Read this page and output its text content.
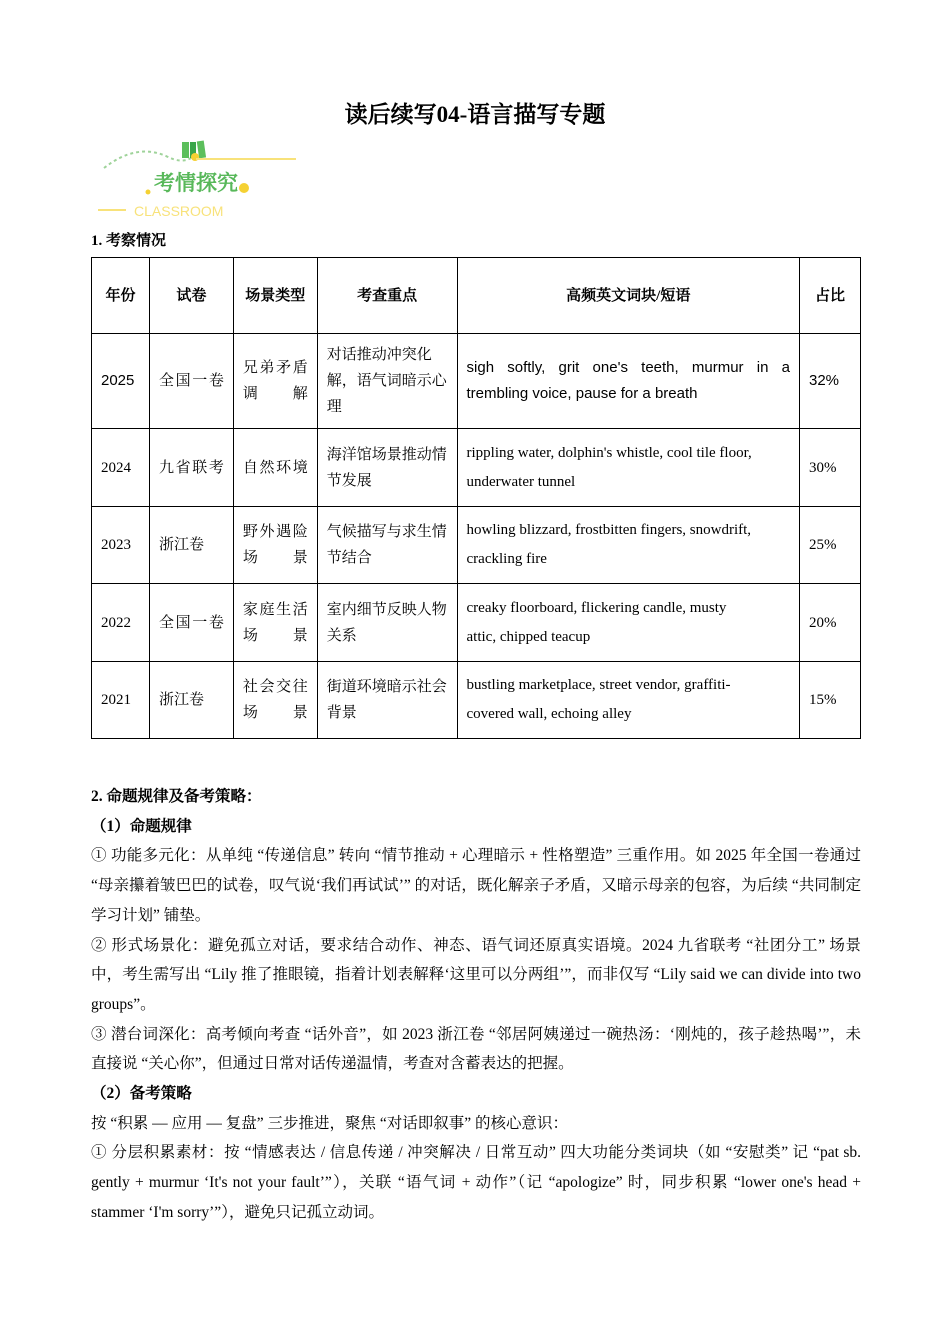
读后续写04-语言描写专题
考情探究
CLASSROOM
1. 考察情况
年份	试卷	场景类型	考查重点	高频英文词块/短语	占比
2025	全国一卷	兄弟矛盾调解	对话推动冲突化解，语气词暗示心理	sigh softly, grit one's teeth, murmur in a trembling voice, pause for a breath	32%
2024	九省联考	自然环境	海洋馆场景推动情节发展	rippling water, dolphin's whistle, cool tile floor, underwater tunnel	30%
2023	浙江卷	野外遇险场景	气候描写与求生情节结合	howling blizzard, frostbitten fingers, snowdrift, crackling fire	25%
2022	全国一卷	家庭生活场景	室内细节反映人物关系	creaky floorboard, flickering candle, musty attic, chipped teacup	20%
2021	浙江卷	社会交往场景	街道环境暗示社会背景	bustling marketplace, street vendor, graffiti-covered wall, echoing alley	15%

2. 命题规律及备考策略：

（1）命题规律

① 功能多元化：从单纯 “传递信息” 转向 “情节推动 + 心理暗示 + 性格塑造” 三重作用。如 2025 年全国一卷通过 “母亲攥着皱巴巴的试卷，叹气说‘我们再试试’” 的对话，既化解亲子矛盾，又暗示母亲的包容，为后续 “共同制定学习计划” 铺垫。

② 形式场景化：避免孤立对话，要求结合动作、神态、语气词还原真实语境。2024 九省联考 “社团分工” 场景中，考生需写出 “Lily 推了推眼镜，指着计划表解释‘这里可以分两组’”，而非仅写 “Lily said we can divide into two groups”。

③ 潜台词深化：高考倾向考查 “话外音”，如 2023 浙江卷 “邻居阿姨递过一碗热汤：‘刚炖的，孩子趁热喝’”，未直接说 “关心你”，但通过日常对话传递温情，考查对含蓄表达的把握。

（2）备考策略

按 “积累 — 应用 — 复盘” 三步推进，聚焦 “对话即叙事” 的核心意识：

① 分层积累素材：按 “情感表达 / 信息传递 / 冲突解决 / 日常互动” 四大功能分类词块（如 “安慰类” 记 “pat sb. gently + murmur ‘It's not your fault’”），关联 “语气词 + 动作”（记 “apologize” 时，同步积累 “lower one's head + stammer ‘I'm sorry’”），避免只记孤立动词。
